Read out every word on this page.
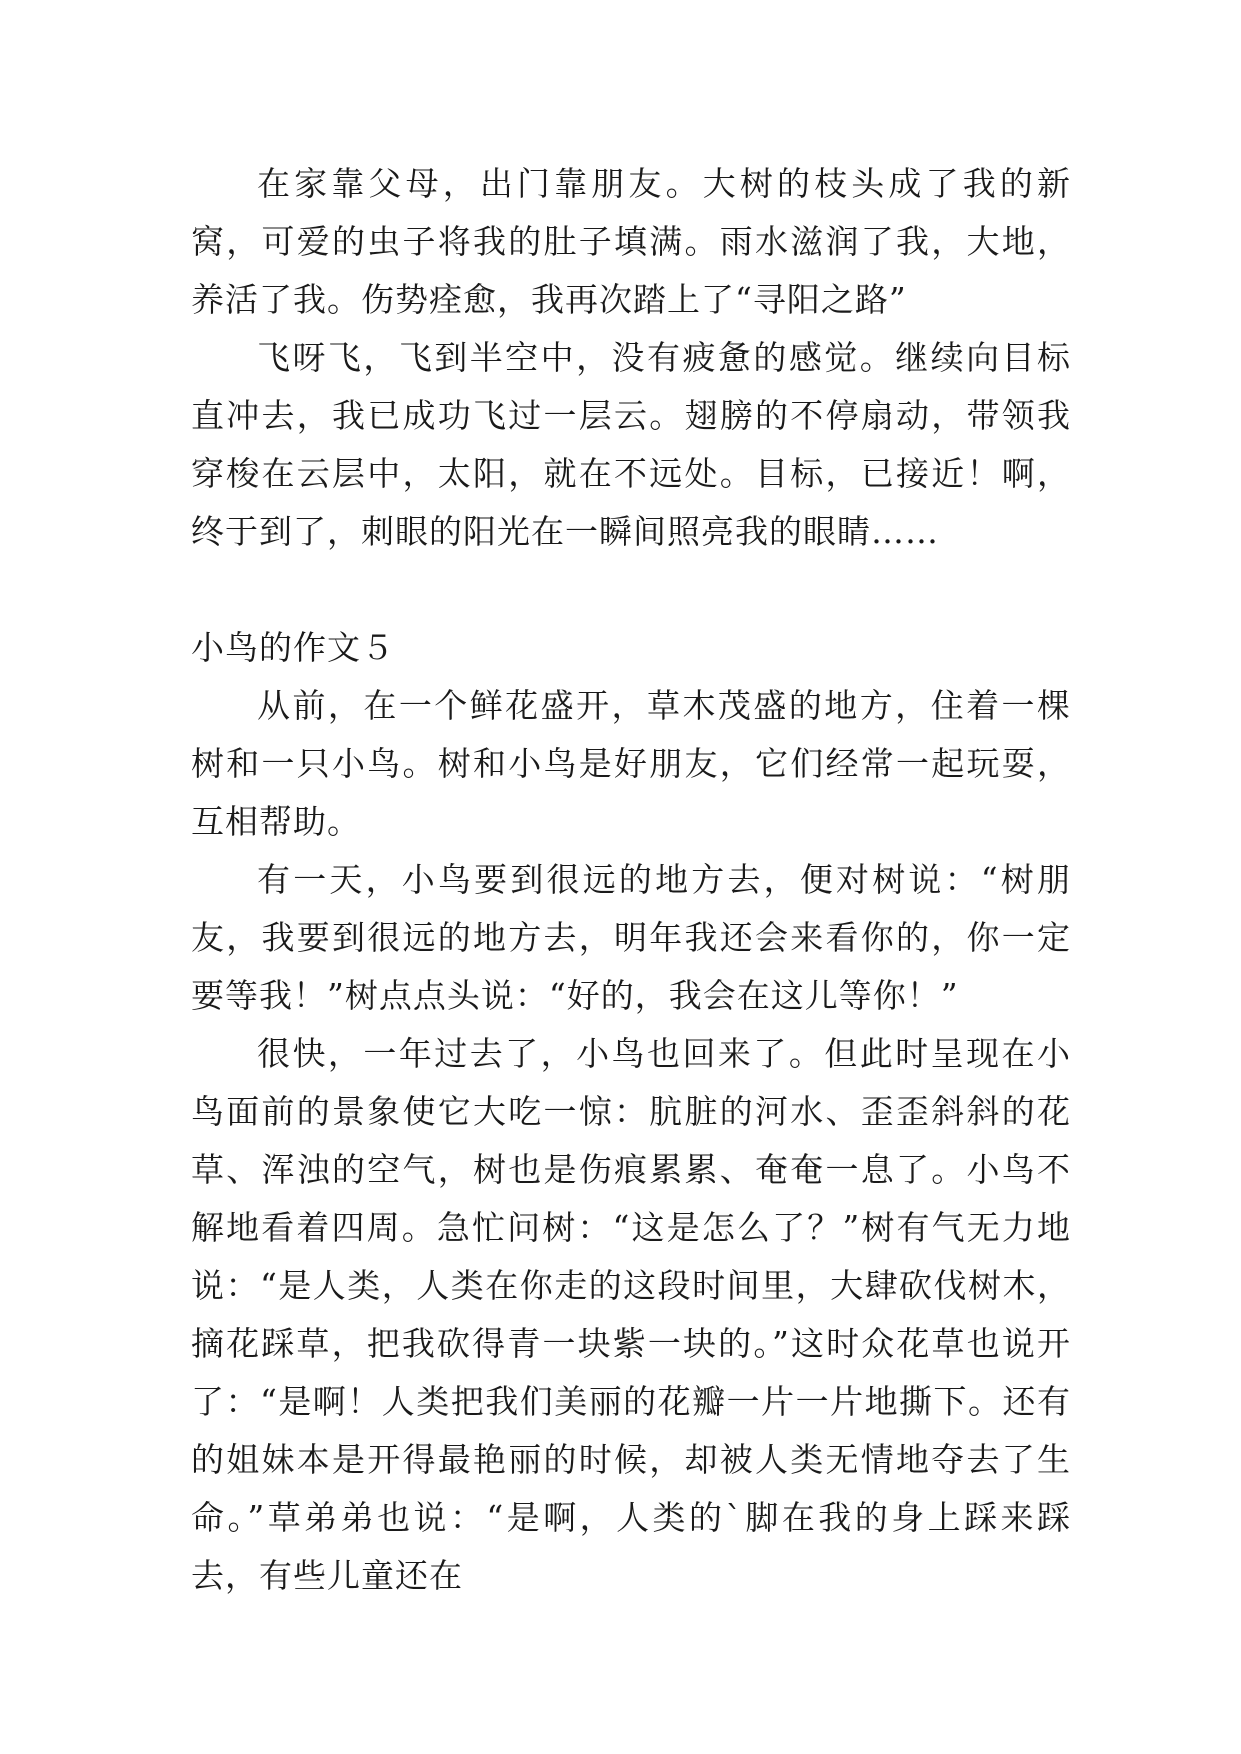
在家靠父母，出门靠朋友。大树的枝头成了我的新窝，可爱的虫子将我的肚子填满。雨水滋润了我，大地，养活了我。伤势痊愈，我再次踏上了“寻阳之路”

飞呀飞，飞到半空中，没有疲惫的感觉。继续向目标直冲去，我已成功飞过一层云。翅膀的不停扇动，带领我穿梭在云层中，太阳，就在不远处。目标，已接近！啊，终于到了，刺眼的阳光在一瞬间照亮我的眼睛……

小鸟的作文５

从前，在一个鲜花盛开，草木茂盛的地方，住着一棵树和一只小鸟。树和小鸟是好朋友，它们经常一起玩耍，互相帮助。

有一天，小鸟要到很远的地方去，便对树说：“树朋友，我要到很远的地方去，明年我还会来看你的，你一定要等我！”树点点头说：“好的，我会在这儿等你！”

很快，一年过去了，小鸟也回来了。但此时呈现在小鸟面前的景象使它大吃一惊：肮脏的河水、歪歪斜斜的花草、浑浊的空气，树也是伤痕累累、奄奄一息了。小鸟不解地看着四周。急忙问树：“这是怎么了？”树有气无力地说：“是人类，人类在你走的这段时间里，大肆砍伐树木，摘花踩草，把我砍得青一块紫一块的。”这时众花草也说开了：“是啊！人类把我们美丽的花瓣一片一片地撕下。还有的姐妹本是开得最艳丽的时候，却被人类无情地夺去了生命。”草弟弟也说：“是啊，人类的`脚在我的身上踩来踩去，有些儿童还在
